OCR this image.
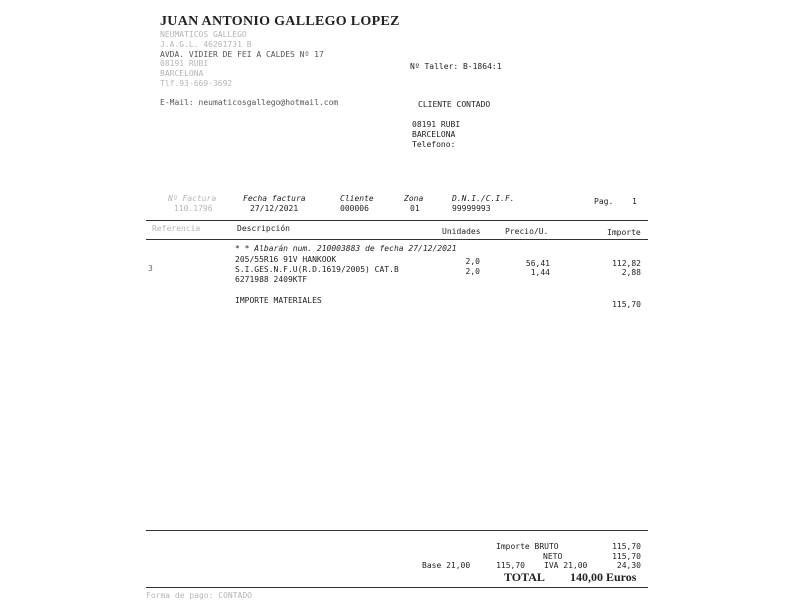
JUAN ANTONIO GALLEGO LOPEZ
NEUMATICOS GALLEGO
J.A.G.L. 46261731 B
AVDA. VIDIER DE FEI A CALDES Nº 17
08191 RUBI
BARCELONA
Tlf.93-669-3692
Nº Taller: B-1864:1
E-Mail: neumaticosgallego@hotmail.com	CLIENTE CONTADO
08191 RUBI
BARCELONA
Telefono:
Nº Factura	Fecha factura	Cliente	Zona	D.N.I./C.I.F.	Pag.
110.1796	27/12/2021	000006	01	99999993
1
Referencia	Descripción	Unidades	Precio/U.	Importe
* * Albarán num. 210003883 de fecha 27/12/2021
3
205/55R16 91V HANKOOK	2,0	56,41	112,82
S.I.GES.N.F.U(R.D.1619/2005) CAT.B	2,0	1,44	2,88
6271988 2409KTF
IMPORTE MATERIALES	115,70
Importe BRUTO	115,70
NETO	115,70
Base 21,00	115,70 IVA 21,00	24,30
TOTAL 140,00 Euros
Forma de pago: CONTADO
